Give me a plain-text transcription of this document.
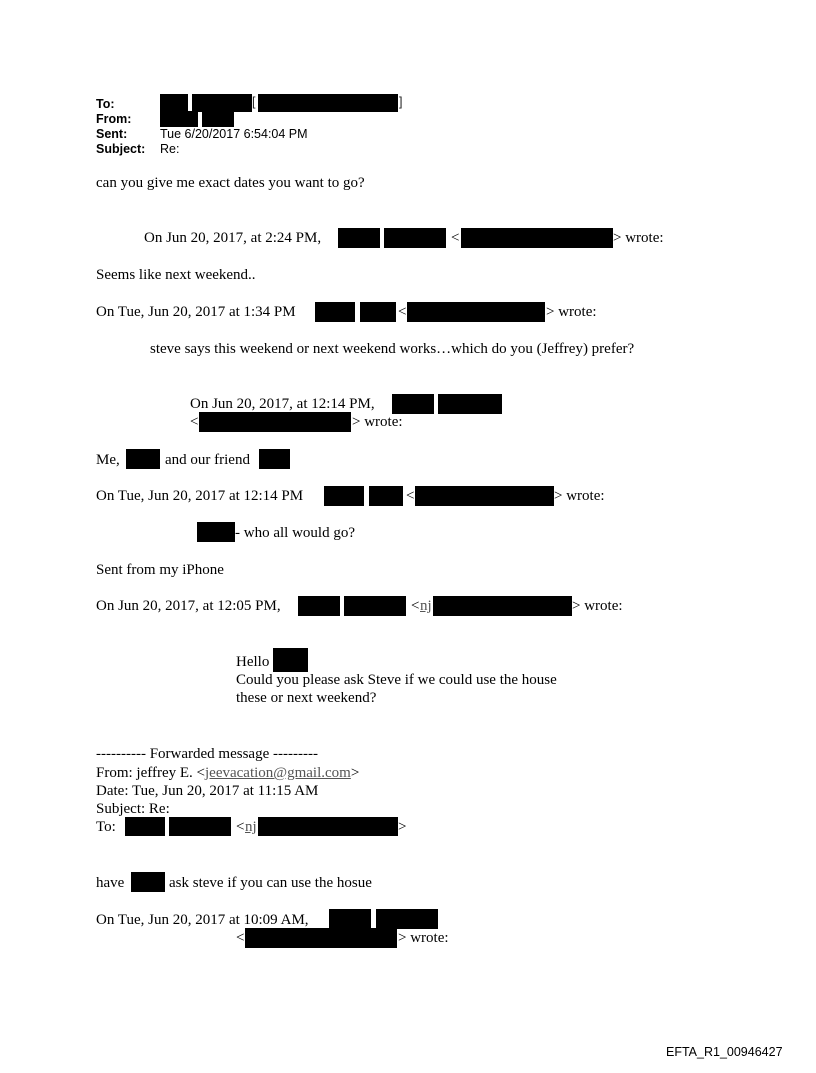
To:	[	]
From:
Sent:	Tue 6/20/2017 6:54:04 PM
Subject: Re:
can you give me exact dates you want to go?
On Jun 20, 2017, at 2:24 PM,	<	> wrote:
Seems like next weekend..
On Tue, Jun 20, 2017 at 1:34 PM	<	> wrote:
steve says this weekend or next weekend works…which do you (Jeffrey) prefer?
On Jun 20, 2017, at 12:14 PM,
<	> wrote:
Me,	and our friend
On Tue, Jun 20, 2017 at 12:14 PM	<	> wrote:
- who all would go?
Sent from my iPhone
On Jun 20, 2017, at 12:05 PM,	< nj	> wrote:
Hello
Could you please ask Steve if we could use the house
these or next weekend?
---------- Forwarded message ---------
From: jeffrey E. <jeevacation@gmail.com>
Date: Tue, Jun 20, 2017 at 11:15 AM
Subject: Re:
To:	< nj	>
have	ask steve if you can use the hosue
On Tue, Jun 20, 2017 at 10:09 AM,
<	> wrote:
EFTA_R1_00946427
